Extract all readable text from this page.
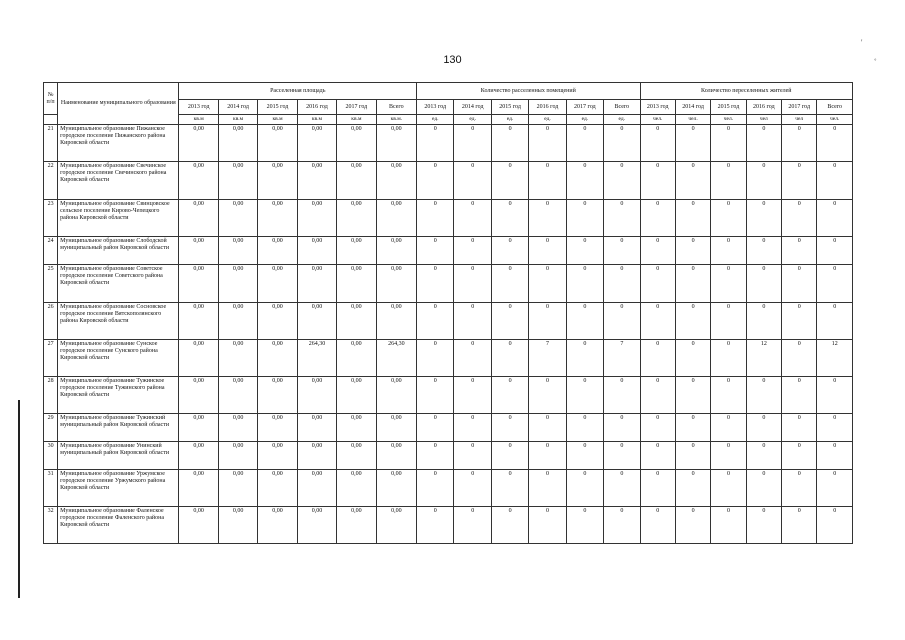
130
'
˚
№ п/п	Наименование муниципального образования	Расселенная площадь						Количество расселенных помещений						Количество переселенных жителей					
		2013 год	2014 год	2015 год	2016 год	2017 год	Всего	2013 год	2014 год	2015 год	2016 год	2017 год	Всего	2013 год	2014 год	2015 год	2016 год	2017 год	Всего
		кв.м	кв.м	кв.м	кв.м	кв.м	кв.м.	ед.	ед.	ед.	ед.	ед.	ед.	чел.	чел.	чел.	чел	чел	чел.
21	Муниципальное образование Пижанское городское поселение Пижанского района Кировской области	0,00	0,00	0,00	0,00	0,00	0,00	0	0	0	0	0	0	0	0	0	0	0	0
22	Муниципальное образование Свечинское городское поселение Свечинского района Кировской области	0,00	0,00	0,00	0,00	0,00	0,00	0	0	0	0	0	0	0	0	0	0	0	0
23	Муниципальное образование Свинцовское сельское поселение Кирово-Чепецкого района Кировской области	0,00	0,00	0,00	0,00	0,00	0,00	0	0	0	0	0	0	0	0	0	0	0	0
24	Муниципальное образование Слободской муниципальный район Кировской области	0,00	0,00	0,00	0,00	0,00	0,00	0	0	0	0	0	0	0	0	0	0	0	0
25	Муниципальное образование Советское городское поселение Советского района Кировской области	0,00	0,00	0,00	0,00	0,00	0,00	0	0	0	0	0	0	0	0	0	0	0	0
26	Муниципальное образование Сосновское городское поселение Вятскополянского района Кировской области	0,00	0,00	0,00	0,00	0,00	0,00	0	0	0	0	0	0	0	0	0	0	0	0
27	Муниципальное образование Сунское городское поселение Сунского района Кировской области	0,00	0,00	0,00	264,30	0,00	264,30	0	0	0	7	0	7	0	0	0	12	0	12
28	Муниципальное образование Тужинское городское поселение Тужинского района Кировской области	0,00	0,00	0,00	0,00	0,00	0,00	0	0	0	0	0	0	0	0	0	0	0	0
29	Муниципальное образование Тужинский муниципальный район Кировской области	0,00	0,00	0,00	0,00	0,00	0,00	0	0	0	0	0	0	0	0	0	0	0	0
30	Муниципальное образование Унинский муниципальный район Кировской области	0,00	0,00	0,00	0,00	0,00	0,00	0	0	0	0	0	0	0	0	0	0	0	0
31	Муниципальное образование Уржумское городское поселение Уржумского района Кировской области	0,00	0,00	0,00	0,00	0,00	0,00	0	0	0	0	0	0	0	0	0	0	0	0
32	Муниципальное образование Фаленское городское поселение Фаленского района Кировской области	0,00	0,00	0,00	0,00	0,00	0,00	0	0	0	0	0	0	0	0	0	0	0	0
